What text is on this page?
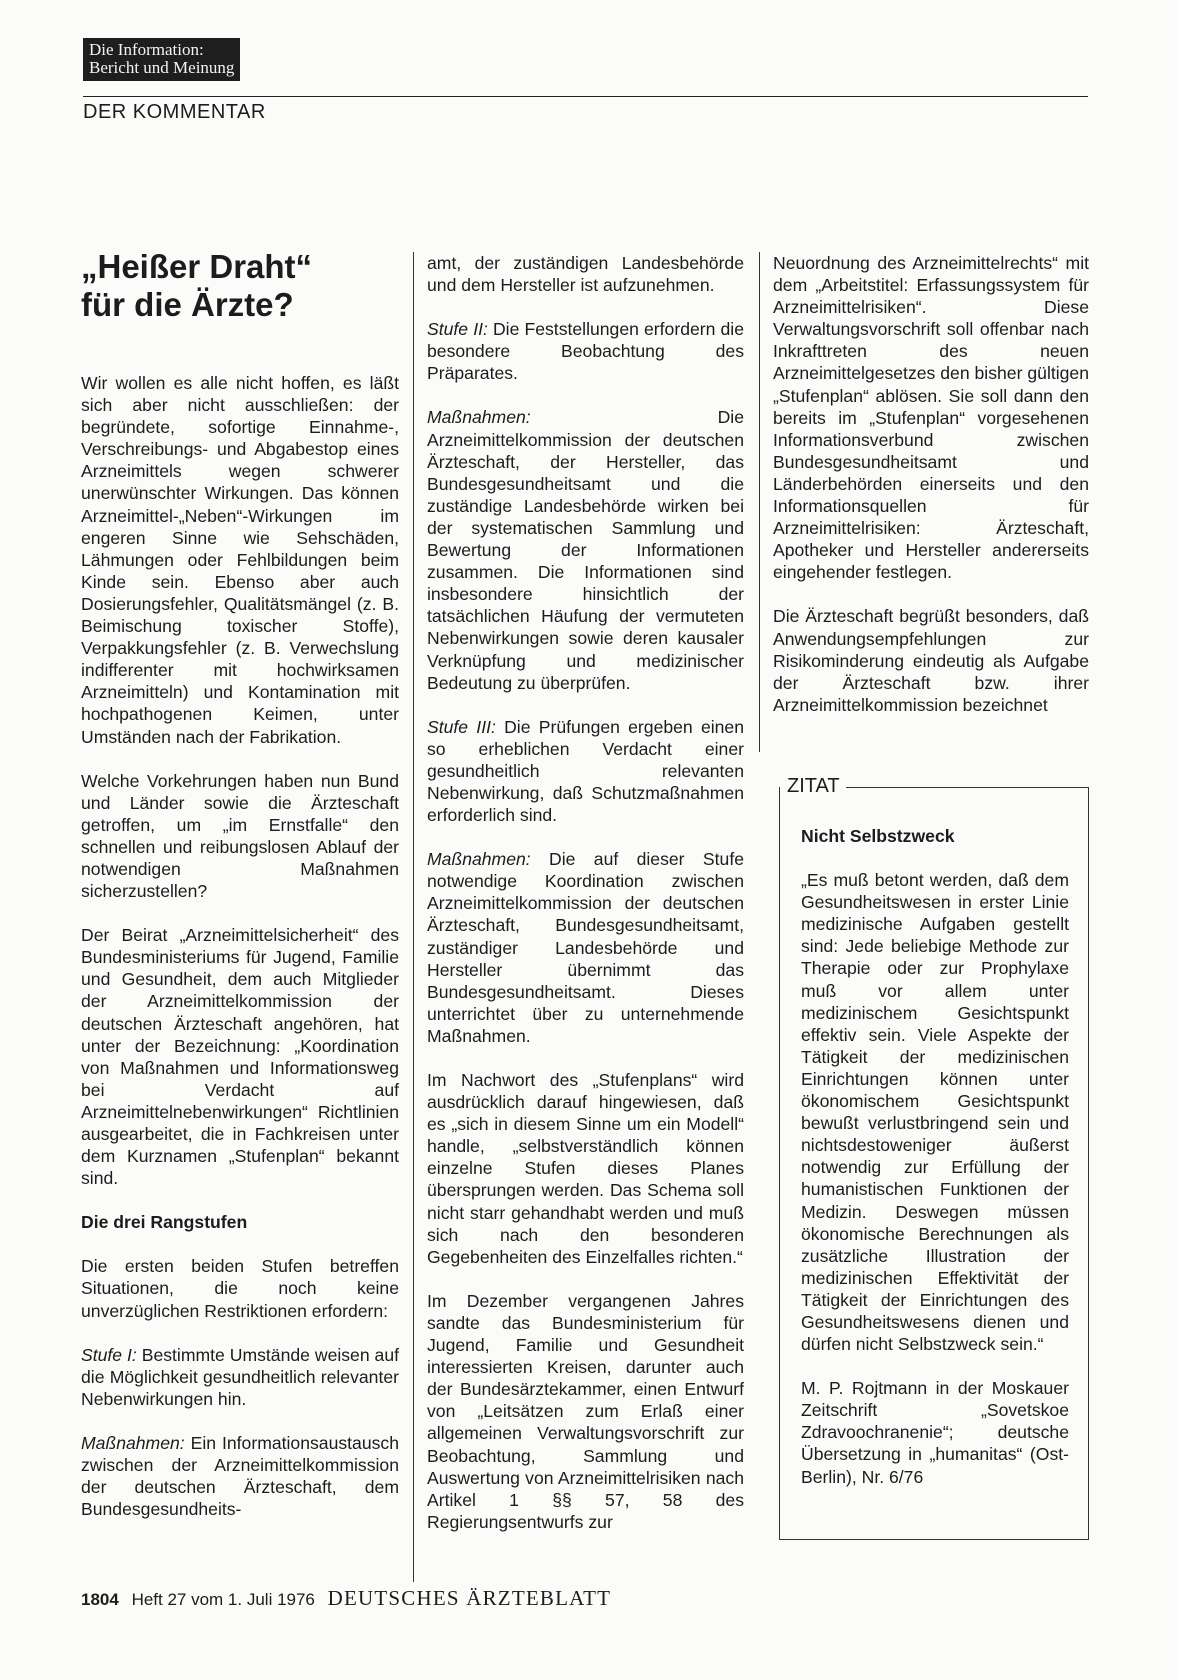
Die Information:
Bericht und Meinung
DER KOMMENTAR
„Heißer Draht“
für die Ärzte?

Wir wollen es alle nicht hoffen, es läßt sich aber nicht ausschließen: der begründete, sofortige Einnahme-, Verschreibungs- und Abgabestop eines Arzneimittels wegen schwerer unerwünschter Wirkungen. Das können Arzneimittel-„Neben“-Wirkungen im engeren Sinne wie Sehschäden, Lähmungen oder Fehlbildungen beim Kinde sein. Ebenso aber auch Dosierungsfehler, Qualitätsmängel (z. B. Beimischung toxischer Stoffe), Verpakkungsfehler (z. B. Verwechslung indifferenter mit hochwirksamen Arzneimitteln) und Kontamination mit hochpathogenen Keimen, unter Umständen nach der Fabrikation.

Welche Vorkehrungen haben nun Bund und Länder sowie die Ärzteschaft getroffen, um „im Ernstfalle“ den schnellen und reibungslosen Ablauf der notwendigen Maßnahmen sicherzustellen?

Der Beirat „Arzneimittelsicherheit“ des Bundesministeriums für Jugend, Familie und Gesundheit, dem auch Mitglieder der Arzneimittelkommission der deutschen Ärzteschaft angehören, hat unter der Bezeichnung: „Koordination von Maßnahmen und Informationsweg bei Verdacht auf Arzneimittelnebenwirkungen“ Richtlinien ausgearbeitet, die in Fachkreisen unter dem Kurznamen „Stufenplan“ bekannt sind.

Die drei Rangstufen

Die ersten beiden Stufen betreffen Situationen, die noch keine unverzüglichen Restriktionen erfordern:

Stufe I: Bestimmte Umstände weisen auf die Möglichkeit gesundheitlich relevanter Nebenwirkungen hin.

Maßnahmen: Ein Informationsaustausch zwischen der Arzneimittelkommission der deutschen Ärzteschaft, dem Bundesgesundheits-

amt, der zuständigen Landesbehörde und dem Hersteller ist aufzunehmen.

Stufe II: Die Feststellungen erfordern die besondere Beobachtung des Präparates.

Maßnahmen: Die Arzneimittelkommission der deutschen Ärzteschaft, der Hersteller, das Bundesgesundheitsamt und die zuständige Landesbehörde wirken bei der systematischen Sammlung und Bewertung der Informationen zusammen. Die Informationen sind insbesondere hinsichtlich der tatsächlichen Häufung der vermuteten Nebenwirkungen sowie deren kausaler Verknüpfung und medizinischer Bedeutung zu überprüfen.

Stufe III: Die Prüfungen ergeben einen so erheblichen Verdacht einer gesundheitlich relevanten Nebenwirkung, daß Schutzmaßnahmen erforderlich sind.

Maßnahmen: Die auf dieser Stufe notwendige Koordination zwischen Arzneimittelkommission der deutschen Ärzteschaft, Bundesgesundheitsamt, zuständiger Landesbehörde und Hersteller übernimmt das Bundesgesundheitsamt. Dieses unterrichtet über zu unternehmende Maßnahmen.

Im Nachwort des „Stufenplans“ wird ausdrücklich darauf hingewiesen, daß es „sich in diesem Sinne um ein Modell“ handle, „selbstverständlich können einzelne Stufen dieses Planes übersprungen werden. Das Schema soll nicht starr gehandhabt werden und muß sich nach den besonderen Gegebenheiten des Einzelfalles richten.“

Im Dezember vergangenen Jahres sandte das Bundesministerium für Jugend, Familie und Gesundheit interessierten Kreisen, darunter auch der Bundesärztekammer, einen Entwurf von „Leitsätzen zum Erlaß einer allgemeinen Verwaltungsvorschrift zur Beobachtung, Sammlung und Auswertung von Arzneimittelrisiken nach Artikel 1 §§ 57, 58 des Regierungsentwurfs zur

Neuordnung des Arzneimittelrechts“ mit dem „Arbeitstitel: Erfassungssystem für Arzneimittelrisiken“. Diese Verwaltungsvorschrift soll offenbar nach Inkrafttreten des neuen Arzneimittelgesetzes den bisher gültigen „Stufenplan“ ablösen. Sie soll dann den bereits im „Stufenplan“ vorgesehenen Informationsverbund zwischen Bundesgesundheitsamt und Länderbehörden einerseits und den Informationsquellen für Arzneimittelrisiken: Ärzteschaft, Apotheker und Hersteller andererseits eingehender festlegen.

Die Ärzteschaft begrüßt besonders, daß Anwendungsempfehlungen zur Risikominderung eindeutig als Aufgabe der Ärzteschaft bzw. ihrer Arzneimittelkommission bezeichnet

ZITAT

Nicht Selbstzweck

„Es muß betont werden, daß dem Gesundheitswesen in erster Linie medizinische Aufgaben gestellt sind: Jede beliebige Methode zur Therapie oder zur Prophylaxe muß vor allem unter medizinischem Gesichtspunkt effektiv sein. Viele Aspekte der Tätigkeit der medizinischen Einrichtungen können unter ökonomischem Gesichtspunkt bewußt verlustbringend sein und nichtsdestoweniger äußerst notwendig zur Erfüllung der humanistischen Funktionen der Medizin. Deswegen müssen ökonomische Berechnungen als zusätzliche Illustration der medizinischen Effektivität der Tätigkeit der Einrichtungen des Gesundheitswesens dienen und dürfen nicht Selbstzweck sein.“

M. P. Rojtmann in der Moskauer Zeitschrift „Sovetskoe Zdravoochranenie“; deutsche Übersetzung in „humanitas“ (Ost-Berlin), Nr. 6/76

1804 Heft 27 vom 1. Juli 1976 DEUTSCHES ÄRZTEBLATT
